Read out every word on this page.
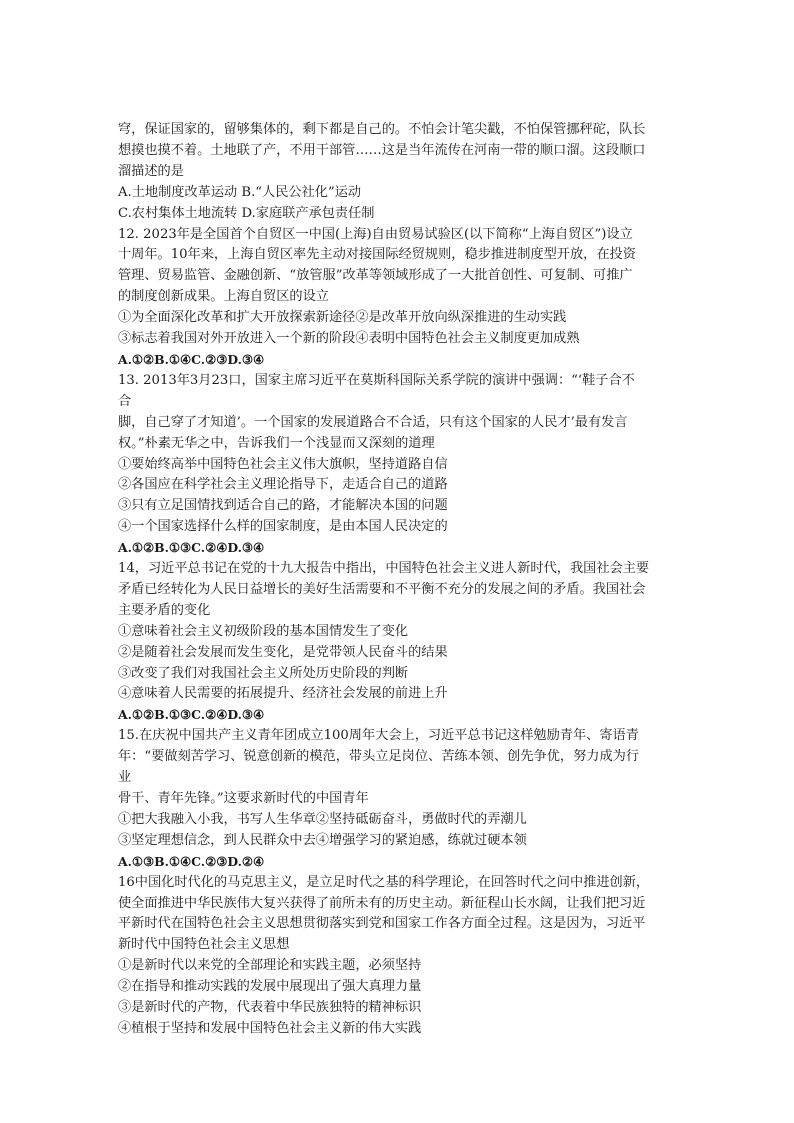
穹，保证国家的，留够集体的，剩下都是自己的。不怕会计笔尖戳，不怕保管挪秤砣，队长
想摸也摸不着。土地联了产，不用干部管……这是当年流传在河南一带的顺口溜。这段顺口
溜描述的是
A.土地制度改革运动 B.“人民公社化”运动
C.农村集体土地流转 D.家庭联产承包责任制
12. 2023年是全国首个自贸区一中国(上海)自由贸易试验区(以下简称“上海自贸区”)设立
十周年。10年来，上海自贸区率先主动对接国际经贸规则，稳步推进制度型开放，在投资
管理、贸易监管、金融创新、“放管服”改革等领域形成了一大批首创性、可复制、可推广
的制度创新成果。上海自贸区的设立
①为全面深化改革和扩大开放探索新途径②是改革开放向纵深推进的生动实践
③标志着我国对外开放进入一个新的阶段④表明中国特色社会主义制度更加成熟
A.①②B.①④C.②③D.③④
13. 2013年3月23口，国家主席习近平在莫斯科国际关系学院的演讲中强调：“‘鞋子合不
合
脚，自己穿了才知道’。一个国家的发展道路合不合适，只有这个国家的人民才’最有发言
权。”朴素无华之中，告诉我们一个浅显而又深刻的道理
①要始终高举中国特色社会主义伟大旗帜，坚持道路自信
②各国应在科学社会主义理论指导下，走适合自己的道路
③只有立足国情找到适合自己的路，才能解决本国的问题
④一个国家选择什么样的国家制度，是由本国人民决定的
A.①②B.①③C.②④D.③④
14，习近平总书记在党的十九大报告中指出，中国特色社会主义进人新时代，我国社会主要
矛盾已经转化为人民日益增长的美好生活需要和不平衡不充分的发展之间的矛盾。我国社会
主要矛盾的变化
①意味着社会主义初级阶段的基本国情发生了变化
②是随着社会发展而发生变化，是党带领人民奋斗的结果
③改变了我们对我国社会主义所处历史阶段的判断
④意味着人民需要的拓展提升、经济社会发展的前进上升
A.①②B.①③C.②④D.③④
15.在庆祝中国共产主义青年团成立100周年大会上，习近平总书记这样勉励青年、寄语青
年：“要做刻苦学习、锐意创新的模范，带头立足岗位、苦练本领、创先争优，努力成为行
业
骨干、青年先锋。”这要求新时代的中国青年
①把大我融入小我，书写人生华章②坚持砥砺奋斗，勇做时代的弄潮儿
③坚定理想信念，到人民群众中去④增强学习的紧迫感，练就过硬本领
A.①③B.①④C.②③D.②④
16中国化时代化的马克思主义，是立足时代之基的科学理论，在回答时代之问中推进创新，
使全面推进中华民族伟大复兴获得了前所未有的历史主动。新征程山长水阔，让我们把习近
平新时代在国特色社会主义思想贯彻落实到党和国家工作各方面全过程。这是因为，习近平
新时代中国特色社会主义思想
①是新时代以来党的全部理论和实践主题，必须坚持
②在指导和推动实践的发展中展现出了强大真理力量
③是新时代的产物，代表着中华民族独特的精神标识
④植根于坚持和发展中国特色社会主义新的伟大实践
